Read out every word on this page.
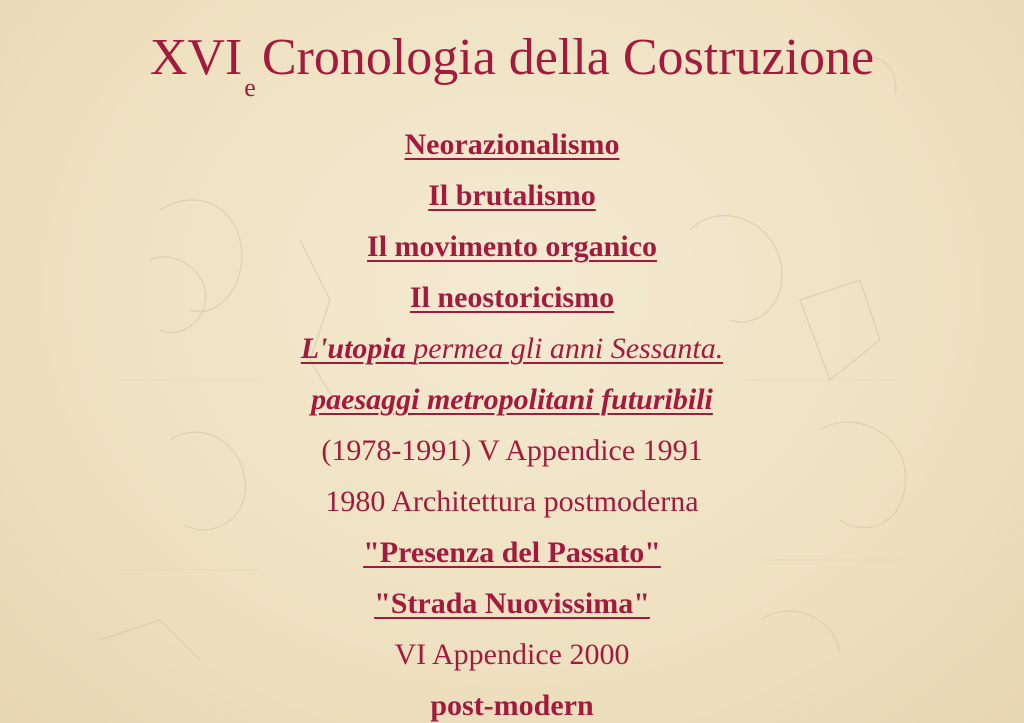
$XVI_eCronologia$ della Costruzione
Neorazionalismo
Il brutalismo
Il movimento organico
Il neostoricismo
L'utopia permea gli anni Sessanta.
paesaggi metropolitani futuribili
(1978-1991) V Appendice 1991
1980 Architettura postmoderna
"Presenza del Passato"
"Strada Nuovissima"
VI Appendice 2000
post-modern
